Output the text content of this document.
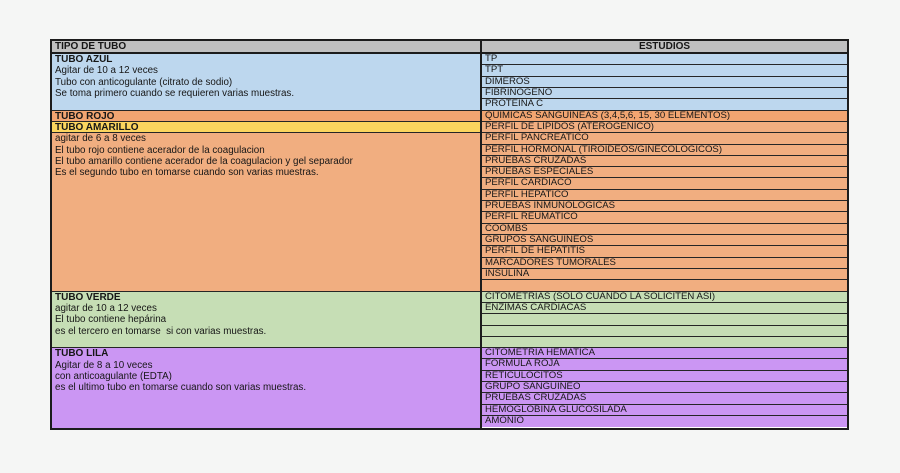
TIPO DE TUBO
TUBO AZUL
Agitar de 10 a 12 veces
Tubo con anticogulante (citrato de sodio)
Se toma primero cuando se requieren varias muestras.
TUBO ROJO
TUBO AMARILLO
agitar de 6 a 8 veces
El tubo rojo contiene acerador de la coagulacion
El tubo amarillo contiene acerador de la coagulacion y gel separador
Es el segundo tubo en tomarse cuando son varias muestras.
TUBO VERDE
agitar de 10 a 12 veces
El tubo contiene hepárina
es el tercero en tomarse  si con varias muestras.
TUBO LILA
Agitar de 8 a 10 veces
con anticoagulante (EDTA)
es el ultimo tubo en tomarse cuando son varias muestras.
ESTUDIOS
TP
TPT
DIMEROS
FIBRINOGENO
PROTEINA C
QUIMICAS SANGUINEAS (3,4,5,6, 15, 30 ELEMENTOS)
PERFIL DE LIPIDOS (ATEROGENICO)
PERFIL PANCREATICO
PERFIL HORMONAL (TIROIDEOS/GINECOLOGICOS)
PRUEBAS CRUZADAS
PRUEBAS ESPECIALES
PERFIL CARDIACO
PERFIL HEPATICO
PRUEBAS INMUNOLOGICAS
PERFIL REUMATICO
COOMBS
GRUPOS SANGUINEOS
PERFIL DE HEPATITIS
MARCADORES TUMORALES
INSULINA
CITOMETRIAS (SOLO CUANDO LA SOLICITEN ASI)
ENZIMAS CARDIACAS
CITOMETRIA HEMATICA
FORMULA ROJA
RETICULOCITOS
GRUPO SANGUINEO
PRUEBAS CRUZADAS
HEMOGLOBINA GLUCOSILADA
AMONIO
